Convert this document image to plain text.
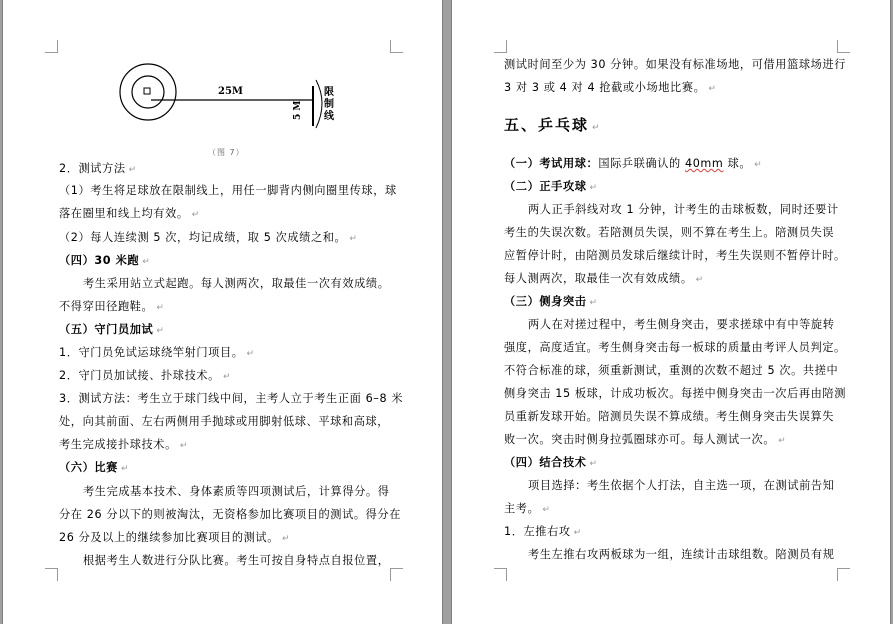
25M
5 M
限
制
线
（图 7）
2．测试方法 ↵
（1）考生将足球放在限制线上，用任一脚背内侧向圈里传球，球
落在圈里和线上均有效。 ↵
（2）每人连续测 5 次，均记成绩，取 5 次成绩之和。 ↵
（四）30 米跑 ↵
考生采用站立式起跑。每人测两次，取最佳一次有效成绩。
不得穿田径跑鞋。 ↵
（五）守门员加试 ↵
1．守门员免试运球绕竿射门项目。 ↵
2．守门员加试接、扑球技术。 ↵
3．测试方法：考生立于球门线中间，主考人立于考生正面 6–8 米
处，向其前面、左右两侧用手抛球或用脚射低球、平球和高球，
考生完成接扑球技术。 ↵
（六）比赛 ↵
考生完成基本技术、身体素质等四项测试后，计算得分。得
分在 26 分以下的则被淘汰，无资格参加比赛项目的测试。得分在
26 分及以上的继续参加比赛项目的测试。 ↵
根据考生人数进行分队比赛。考生可按自身特点自报位置，
测试时间至少为 30 分钟。如果没有标准场地，可借用篮球场进行
3 对 3 或 4 对 4 抢截或小场地比赛。 ↵
五、乒乓球 ↵
（一）考试用球：国际乒联确认的 40mm 球。 ↵
（二）正手攻球 ↵
两人正手斜线对攻 1 分钟，计考生的击球板数，同时还要计
考生的失误次数。若陪测员失误，则不算在考生上。陪测员失误
应暂停计时，由陪测员发球后继续计时，考生失误则不暂停计时。
每人测两次，取最佳一次有效成绩。 ↵
（三）侧身突击 ↵
两人在对搓过程中，考生侧身突击，要求搓球中有中等旋转
强度，高度适宜。考生侧身突击每一板球的质量由考评人员判定。
不符合标准的球，须重新测试，重测的次数不超过 5 次。共搓中
侧身突击 15 板球，计成功板次。每搓中侧身突击一次后再由陪测
员重新发球开始。陪测员失误不算成绩。考生侧身突击失误算失
败一次。突击时侧身拉弧圈球亦可。每人测试一次。 ↵
（四）结合技术 ↵
项目选择：考生依据个人打法，自主选一项，在测试前告知
主考。 ↵
1．左推右攻 ↵
考生左推右攻两板球为一组，连续计击球组数。陪测员有规
